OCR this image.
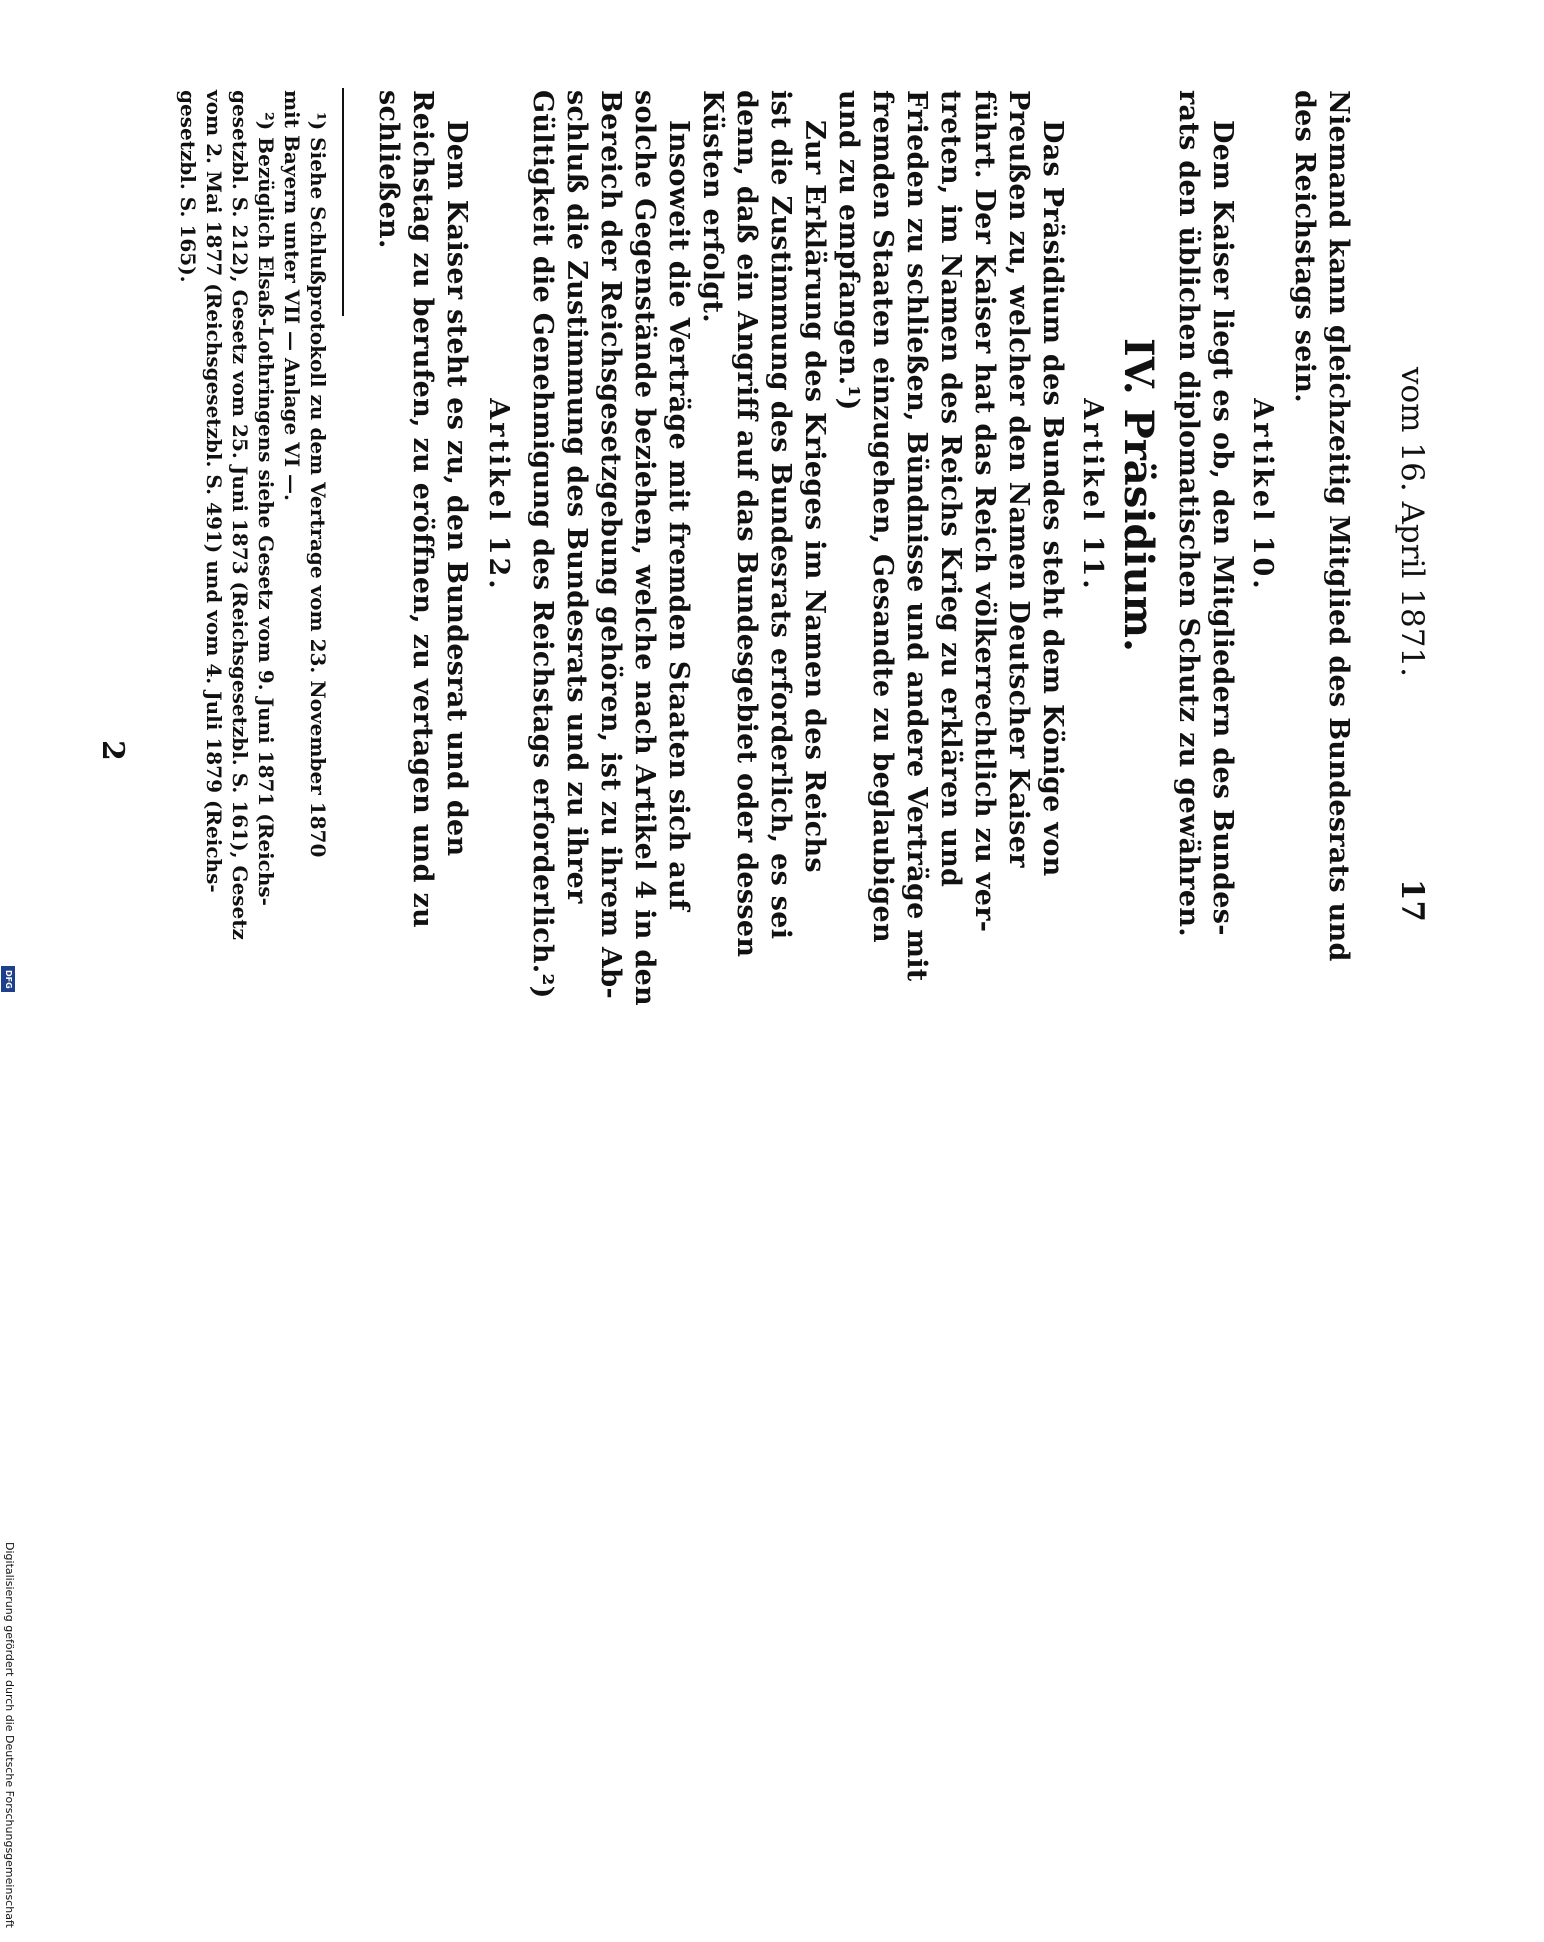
Digitalisierung gefördert durch die Deutsche Forschungsgemeinschaft
DFG
vom 16. April 1871.
17
Niemand kann gleichzeitig Mitglied des Bundesrats und
des Reichstags sein.
Artikel 10.
Dem Kaiser liegt es ob, den Mitgliedern des Bundes-
rats den üblichen diplomatischen Schutz zu gewähren.
IV. Präsidium.
Artikel 11.
Das Präsidium des Bundes steht dem Könige von
Preußen zu, welcher den Namen Deutscher Kaiser
führt. Der Kaiser hat das Reich völkerrechtlich zu ver-
treten, im Namen des Reichs Krieg zu erklären und
Frieden zu schließen, Bündnisse und andere Verträge mit
fremden Staaten einzugehen, Gesandte zu beglaubigen
und zu empfangen.¹)
Zur Erklärung des Krieges im Namen des Reichs
ist die Zustimmung des Bundesrats erforderlich, es sei
denn, daß ein Angriff auf das Bundesgebiet oder dessen
Küsten erfolgt.
Insoweit die Verträge mit fremden Staaten sich auf
solche Gegenstände beziehen, welche nach Artikel 4 in den
Bereich der Reichsgesetzgebung gehören, ist zu ihrem Ab-
schluß die Zustimmung des Bundesrats und zu ihrer
Gültigkeit die Genehmigung des Reichstags erforderlich.²)
Artikel 12.
Dem Kaiser steht es zu, den Bundesrat und den
Reichstag zu berufen, zu eröffnen, zu vertagen und zu
schließen.
¹) Siehe Schlußprotokoll zu dem Vertrage vom 23. November 1870
mit Bayern unter VII — Anlage VI —.
²) Bezüglich Elsaß-Lothringens siehe Gesetz vom 9. Juni 1871 (Reichs-
gesetzbl. S. 212), Gesetz vom 25. Juni 1873 (Reichsgesetzbl. S. 161), Gesetz
vom 2. Mai 1877 (Reichsgesetzbl. S. 491) und vom 4. Juli 1879 (Reichs-
gesetzbl. S. 165).
2
